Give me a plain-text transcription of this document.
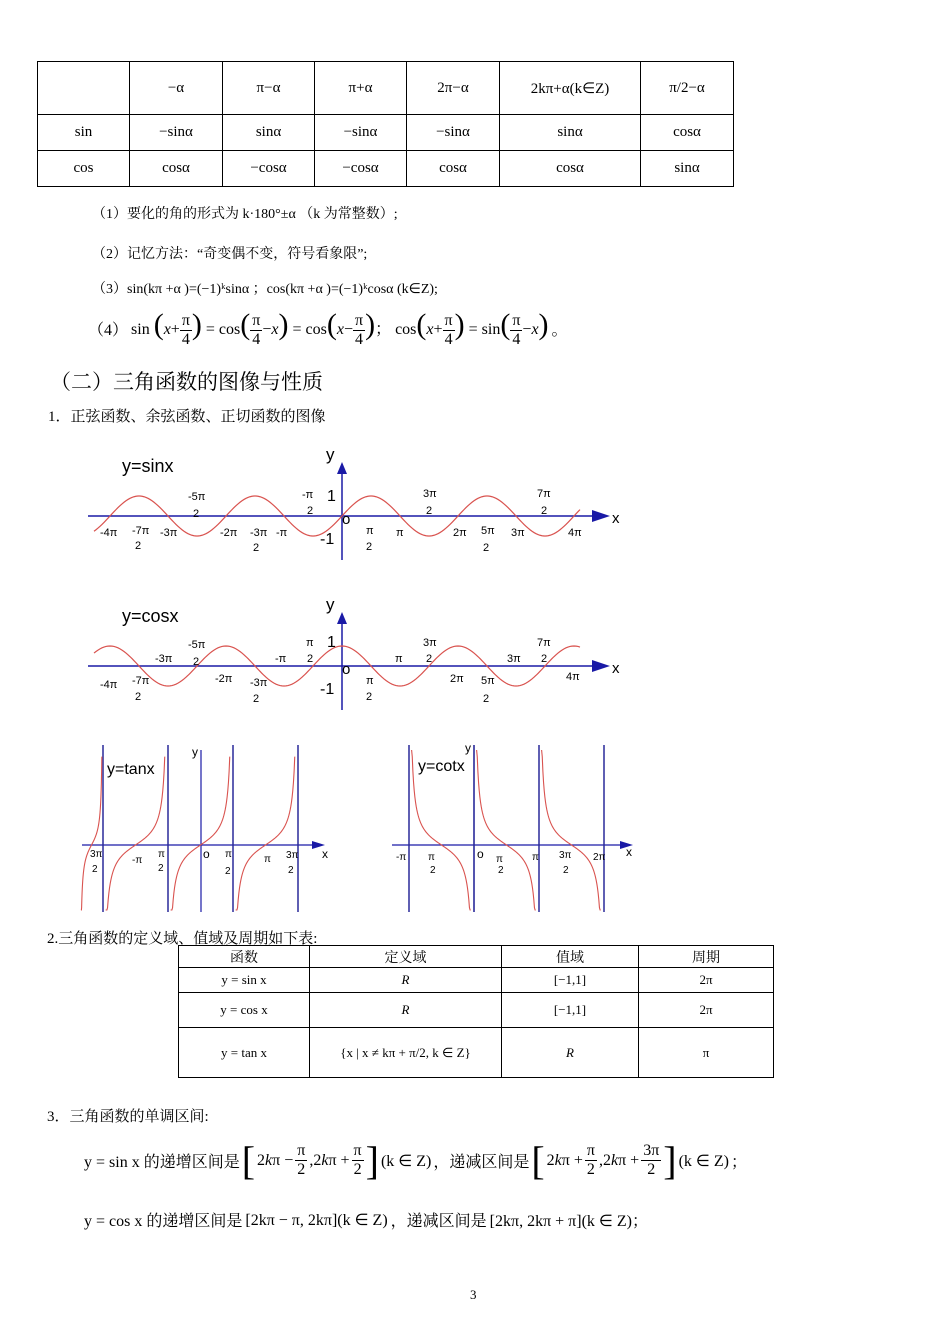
	−α	π−α	π+α	2π−α	2kπ+α(k∈Z)	π/2−α
sin	−sinα	sinα	−sinα	−sinα	sinα	cosα
cos	cosα	−cosα	−cosα	cosα	cosα	sinα
（1）要化的角的形式为 k·180°±α （k 为常整数）;
（2）记忆方法：“奇变偶不变，符号看象限”;
（3）sin(kπ +α )=(−1)ᵏsinα ；cos(kπ +α )=(−1)ᵏcosα (k∈Z);
（4） $\sin (x+ \frac{\pi}{4}$ ) = $\cos( \frac{\pi}{4} -x) = \cos(x- \frac{\pi}{4}$ )； $\cos(x+ \frac{\pi}{4}$ ) = $\sin( \frac{\pi}{4} -x)$ 。
（二）三角函数的图像与性质
1．正弦函数、余弦函数、正切函数的图像
y=sinx
x
y
o
1
-1
-4π -7π
2
-3π
-5π
2
-2π -3π
2
-π
-π
2
π
2
π
3π
2
2π 5π
2
3π
7π
2
4π
y=cosx
x
y
o
1
-1
-4π -7π
2
-3π
-5π
2
-2π -3π
2
-π
π
2
π
2
π
3π
2
2π 5π
2
3π
7π
2
4π
y=tanx
x
y
o
3π
2
-π
π
2
π
2
π 3π
2
y=cotx
x
y
o
-π π
2
π
2
π 3π
2
2π
2.三角函数的定义域、值域及周期如下表:
函数	定义域	值域	周期
y = sin x	R	[−1,1]	2π
y = cos x	R	[−1,1]	2π
y = tan x	{x | x ≠ kπ + π/2, k ∈ Z}	R	π
3．三角函数的单调区间:
y = sin x 的递增区间是 [ $2k\pi - \frac{\pi}{2} ,2k\pi + \frac{\pi}{2}$ ] (k ∈ Z) ，递减区间是 [ $2k\pi + \frac{\pi}{2} ,2k\pi + \frac{3\pi}{2}$ ] (k ∈ Z) ；
y = cos x 的递增区间是 [2kπ − π, 2kπ](k ∈ Z) ，递减区间是 [2kπ, 2kπ + π](k ∈ Z)；
3
